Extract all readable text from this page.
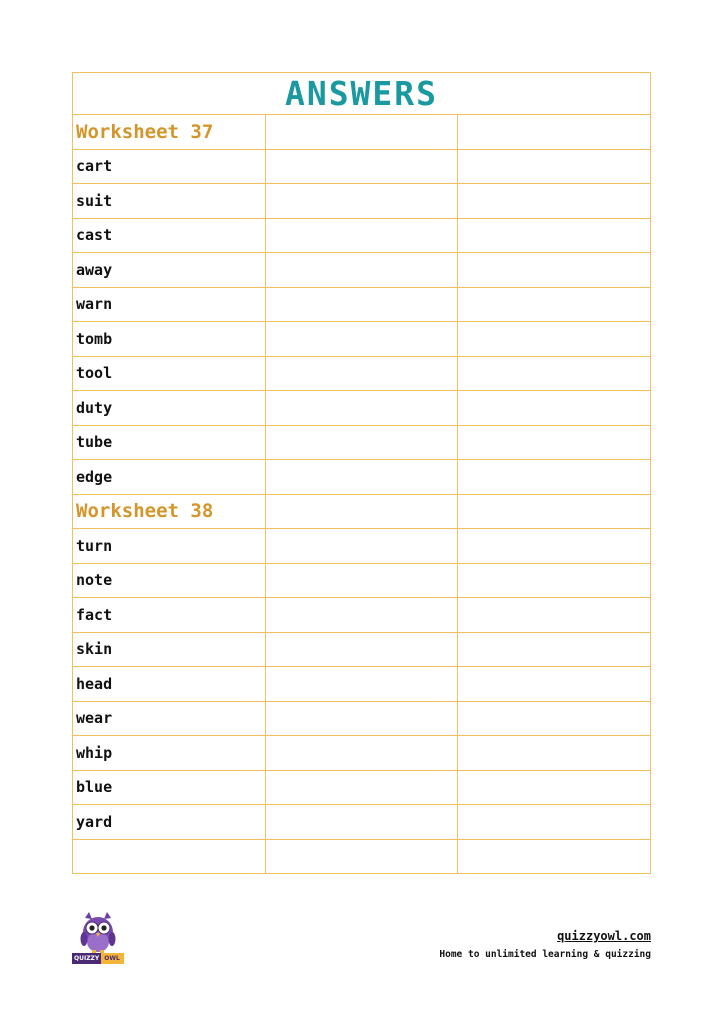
ANSWERS		
Worksheet 37		
cart		
suit		
cast		
away		
warn		
tomb		
tool		
duty		
tube		
edge		
Worksheet 38		
turn		
note		
fact		
skin		
head		
wear		
whip		
blue		
yard		

QUIZZY OWL
quizzyowl.com
Home to unlimited learning & quizzing
